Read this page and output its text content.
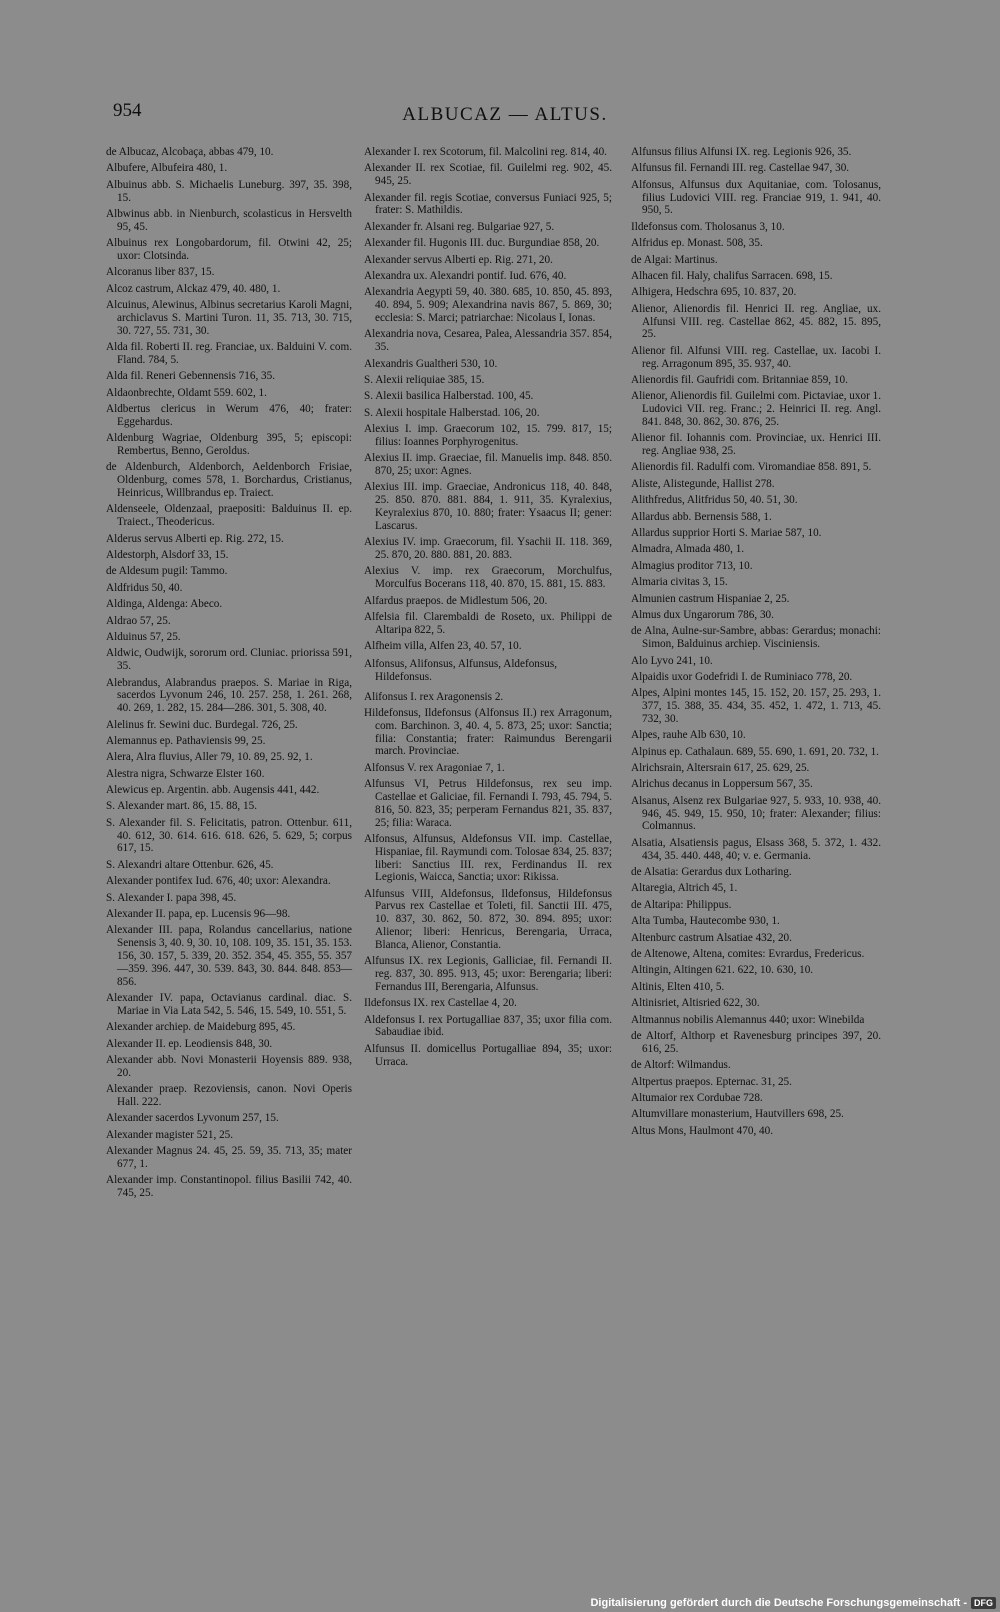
954	ALBUCAZ — ALTUS.

de Albucaz, Alcobaça, abbas 479, 10.

Albufere, Albufeira 480, 1.

Albuinus abb. S. Michaelis Luneburg. 397, 35. 398, 15.

Albwinus abb. in Nienburch, scolasticus in Hersvelth 95, 45.

Albuinus rex Longobardorum, fil. Otwini 42, 25; uxor: Clotsinda.

Alcoranus liber 837, 15.

Alcoz castrum, Alckaz 479, 40. 480, 1.

Alcuinus, Alewinus, Albinus secretarius Karoli Magni, archiclavus S. Martini Turon. 11, 35. 713, 30. 715, 30. 727, 55. 731, 30.

Alda fil. Roberti II. reg. Franciae, ux. Balduini V. com. Fland. 784, 5.

Alda fil. Reneri Gebennensis 716, 35.

Aldaonbrechte, Oldamt 559. 602, 1.

Aldbertus clericus in Werum 476, 40; frater: Eggehardus.

Aldenburg Wagriae, Oldenburg 395, 5; episcopi: Rembertus, Benno, Geroldus.

de Aldenburch, Aldenborch, Aeldenborch Frisiae, Oldenburg, comes 578, 1. Borchardus, Cristianus, Heinricus, Willbrandus ep. Traiect.

Aldenseele, Oldenzaal, praepositi: Balduinus II. ep. Traiect., Theodericus.

Alderus servus Alberti ep. Rig. 272, 15.

Aldestorph, Alsdorf 33, 15.

de Aldesum pugil: Tammo.

Aldfridus 50, 40.

Aldinga, Aldenga: Abeco.

Aldrao 57, 25.

Alduinus 57, 25.

Aldwic, Oudwijk, sororum ord. Cluniac. priorissa 591, 35.

Alebrandus, Alabrandus praepos. S. Mariae in Riga, sacerdos Lyvonum 246, 10. 257. 258, 1. 261. 268, 40. 269, 1. 282, 15. 284—286. 301, 5. 308, 40.

Alelinus fr. Sewini duc. Burdegal. 726, 25.

Alemannus ep. Pathaviensis 99, 25.

Alera, Alra fluvius, Aller 79, 10. 89, 25. 92, 1.

Alestra nigra, Schwarze Elster 160.

Alewicus ep. Argentin. abb. Augensis 441, 442.

S. Alexander mart. 86, 15. 88, 15.

S. Alexander fil. S. Felicitatis, patron. Ottenbur. 611, 40. 612, 30. 614. 616. 618. 626, 5. 629, 5; corpus 617, 15.

S. Alexandri altare Ottenbur. 626, 45.

Alexander pontifex Iud. 676, 40; uxor: Alexandra.

S. Alexander I. papa 398, 45.

Alexander II. papa, ep. Lucensis 96—98.

Alexander III. papa, Rolandus cancellarius, natione Senensis 3, 40. 9, 30. 10, 108. 109, 35. 151, 35. 153. 156, 30. 157, 5. 339, 20. 352. 354, 45. 355, 55. 357—359. 396. 447, 30. 539. 843, 30. 844. 848. 853—856.

Alexander IV. papa, Octavianus cardinal. diac. S. Mariae in Via Lata 542, 5. 546, 15. 549, 10. 551, 5.

Alexander archiep. de Maideburg 895, 45.

Alexander II. ep. Leodiensis 848, 30.

Alexander abb. Novi Monasterii Hoyensis 889. 938, 20.

Alexander praep. Rezoviensis, canon. Novi Operis Hall. 222.

Alexander sacerdos Lyvonum 257, 15.

Alexander magister 521, 25.

Alexander Magnus 24. 45, 25. 59, 35. 713, 35; mater 677, 1.

Alexander imp. Constantinopol. filius Basilii 742, 40. 745, 25.

Alexander I. rex Scotorum, fil. Malcolini reg. 814, 40.

Alexander II. rex Scotiae, fil. Guilelmi reg. 902, 45. 945, 25.

Alexander fil. regis Scotiae, conversus Funiaci 925, 5; frater: S. Mathildis.

Alexander fr. Alsani reg. Bulgariae 927, 5.

Alexander fil. Hugonis III. duc. Burgundiae 858, 20.

Alexander servus Alberti ep. Rig. 271, 20.

Alexandra ux. Alexandri pontif. Iud. 676, 40.

Alexandria Aegypti 59, 40. 380. 685, 10. 850, 45. 893, 40. 894, 5. 909; Alexandrina navis 867, 5. 869, 30; ecclesia: S. Marci; patriarchae: Nicolaus I, Ionas.

Alexandria nova, Cesarea, Palea, Alessandria 357. 854, 35.

Alexandris Gualtheri 530, 10.

S. Alexii reliquiae 385, 15.

S. Alexii basilica Halberstad. 100, 45.

S. Alexii hospitale Halberstad. 106, 20.

Alexius I. imp. Graecorum 102, 15. 799. 817, 15; filius: Ioannes Porphyrogenitus.

Alexius II. imp. Graeciae, fil. Manuelis imp. 848. 850. 870, 25; uxor: Agnes.

Alexius III. imp. Graeciae, Andronicus 118, 40. 848, 25. 850. 870. 881. 884, 1. 911, 35. Kyralexius, Keyralexius 870, 10. 880; frater: Ysaacus II; gener: Lascarus.

Alexius IV. imp. Graecorum, fil. Ysachii II. 118. 369, 25. 870, 20. 880. 881, 20. 883.

Alexius V. imp. rex Graecorum, Morchulfus, Morculfus Bocerans 118, 40. 870, 15. 881, 15. 883.

Alfardus praepos. de Midlestum 506, 20.

Alfelsia fil. Clarembaldi de Roseto, ux. Philippi de Altaripa 822, 5.

Alfheim villa, Alfen 23, 40. 57, 10.

Alfonsus, Alifonsus, Alfunsus, Aldefonsus, Hildefonsus.

Alifonsus I. rex Aragonensis 2.

Hildefonsus, Ildefonsus (Alfonsus II.) rex Arragonum, com. Barchinon. 3, 40. 4, 5. 873, 25; uxor: Sanctia; filia: Constantia; frater: Raimundus Berengarii march. Provinciae.

Alfonsus V. rex Aragoniae 7, 1.

Alfunsus VI, Petrus Hildefonsus, rex seu imp. Castellae et Galiciae, fil. Fernandi I. 793, 45. 794, 5. 816, 50. 823, 35; perperam Fernandus 821, 35. 837, 25; filia: Waraca.

Alfonsus, Alfunsus, Aldefonsus VII. imp. Castellae, Hispaniae, fil. Raymundi com. Tolosae 834, 25. 837; liberi: Sanctius III. rex, Ferdinandus II. rex Legionis, Waicca, Sanctia; uxor: Rikissa.

Alfunsus VIII, Aldefonsus, Ildefonsus, Hildefonsus Parvus rex Castellae et Toleti, fil. Sanctii III. 475, 10. 837, 30. 862, 50. 872, 30. 894. 895; uxor: Alienor; liberi: Henricus, Berengaria, Urraca, Blanca, Alienor, Constantia.

Alfunsus IX. rex Legionis, Galliciae, fil. Fernandi II. reg. 837, 30. 895. 913, 45; uxor: Berengaria; liberi: Fernandus III, Berengaria, Alfunsus.

Ildefonsus IX. rex Castellae 4, 20.

Aldefonsus I. rex Portugalliae 837, 35; uxor filia com. Sabaudiae ibid.

Alfunsus II. domicellus Portugalliae 894, 35; uxor: Urraca.

Alfunsus filius Alfunsi IX. reg. Legionis 926, 35.

Alfunsus fil. Fernandi III. reg. Castellae 947, 30.

Alfonsus, Alfunsus dux Aquitaniae, com. Tolosanus, filius Ludovici VIII. reg. Franciae 919, 1. 941, 40. 950, 5.

Ildefonsus com. Tholosanus 3, 10.

Alfridus ep. Monast. 508, 35.

de Algai: Martinus.

Alhacen fil. Haly, chalifus Sarracen. 698, 15.

Alhigera, Hedschra 695, 10. 837, 20.

Alienor, Alienordis fil. Henrici II. reg. Angliae, ux. Alfunsi VIII. reg. Castellae 862, 45. 882, 15. 895, 25.

Alienor fil. Alfunsi VIII. reg. Castellae, ux. Iacobi I. reg. Arragonum 895, 35. 937, 40.

Alienordis fil. Gaufridi com. Britanniae 859, 10.

Alienor, Alienordis fil. Guilelmi com. Pictaviae, uxor 1. Ludovici VII. reg. Franc.; 2. Heinrici II. reg. Angl. 841. 848, 30. 862, 30. 876, 25.

Alienor fil. Iohannis com. Provinciae, ux. Henrici III. reg. Angliae 938, 25.

Alienordis fil. Radulfi com. Viromandiae 858. 891, 5.

Aliste, Alistegunde, Hallist 278.

Alithfredus, Alitfridus 50, 40. 51, 30.

Allardus abb. Bernensis 588, 1.

Allardus supprior Horti S. Mariae 587, 10.

Almadra, Almada 480, 1.

Almagius proditor 713, 10.

Almaria civitas 3, 15.

Almunien castrum Hispaniae 2, 25.

Almus dux Ungarorum 786, 30.

de Alna, Aulne-sur-Sambre, abbas: Gerardus; monachi: Simon, Balduinus archiep. Visciniensis.

Alo Lyvo 241, 10.

Alpaidis uxor Godefridi I. de Ruminiaco 778, 20.

Alpes, Alpini montes 145, 15. 152, 20. 157, 25. 293, 1. 377, 15. 388, 35. 434, 35. 452, 1. 472, 1. 713, 45. 732, 30.

Alpes, rauhe Alb 630, 10.

Alpinus ep. Cathalaun. 689, 55. 690, 1. 691, 20. 732, 1.

Alrichsrain, Altersrain 617, 25. 629, 25.

Alrichus decanus in Loppersum 567, 35.

Alsanus, Alsenz rex Bulgariae 927, 5. 933, 10. 938, 40. 946, 45. 949, 15. 950, 10; frater: Alexander; filius: Colmannus.

Alsatia, Alsatiensis pagus, Elsass 368, 5. 372, 1. 432. 434, 35. 440. 448, 40; v. e. Germania.

de Alsatia: Gerardus dux Lotharing.

Altaregia, Altrich 45, 1.

de Altaripa: Philippus.

Alta Tumba, Hautecombe 930, 1.

Altenburc castrum Alsatiae 432, 20.

de Altenowe, Altena, comites: Evrardus, Fredericus.

Altingin, Altingen 621. 622, 10. 630, 10.

Altinis, Elten 410, 5.

Altinisriet, Altisried 622, 30.

Altmannus nobilis Alemannus 440; uxor: Winebilda

de Altorf, Althorp et Ravenesburg principes 397, 20. 616, 25.

de Altorf: Wilmandus.

Altpertus praepos. Epternac. 31, 25.

Altumaior rex Cordubae 728.

Altumvillare monasterium, Hautvillers 698, 25.

Altus Mons, Haulmont 470, 40.

Digitalisierung gefördert durch die Deutsche Forschungsgemeinschaft - DFG
